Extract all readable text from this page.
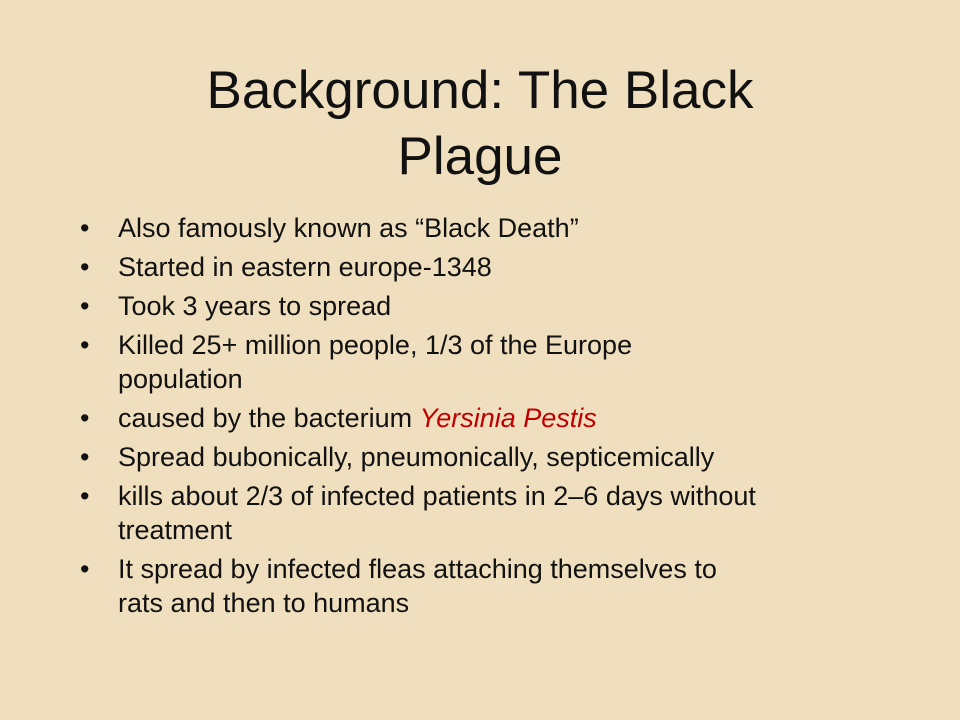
Background: The Black
Plague
•	Also famously known as “Black Death”
•	Started in eastern europe-1348
•	Took 3 years to spread
•	Killed 25+ million people, 1/3 of the Europe
population
•	caused by the bacterium Yersinia Pestis
•	Spread bubonically, pneumonically, septicemically
•	kills about 2/3 of infected patients in 2–6 days without
treatment
•	It spread by infected fleas attaching themselves to
rats and then to humans
